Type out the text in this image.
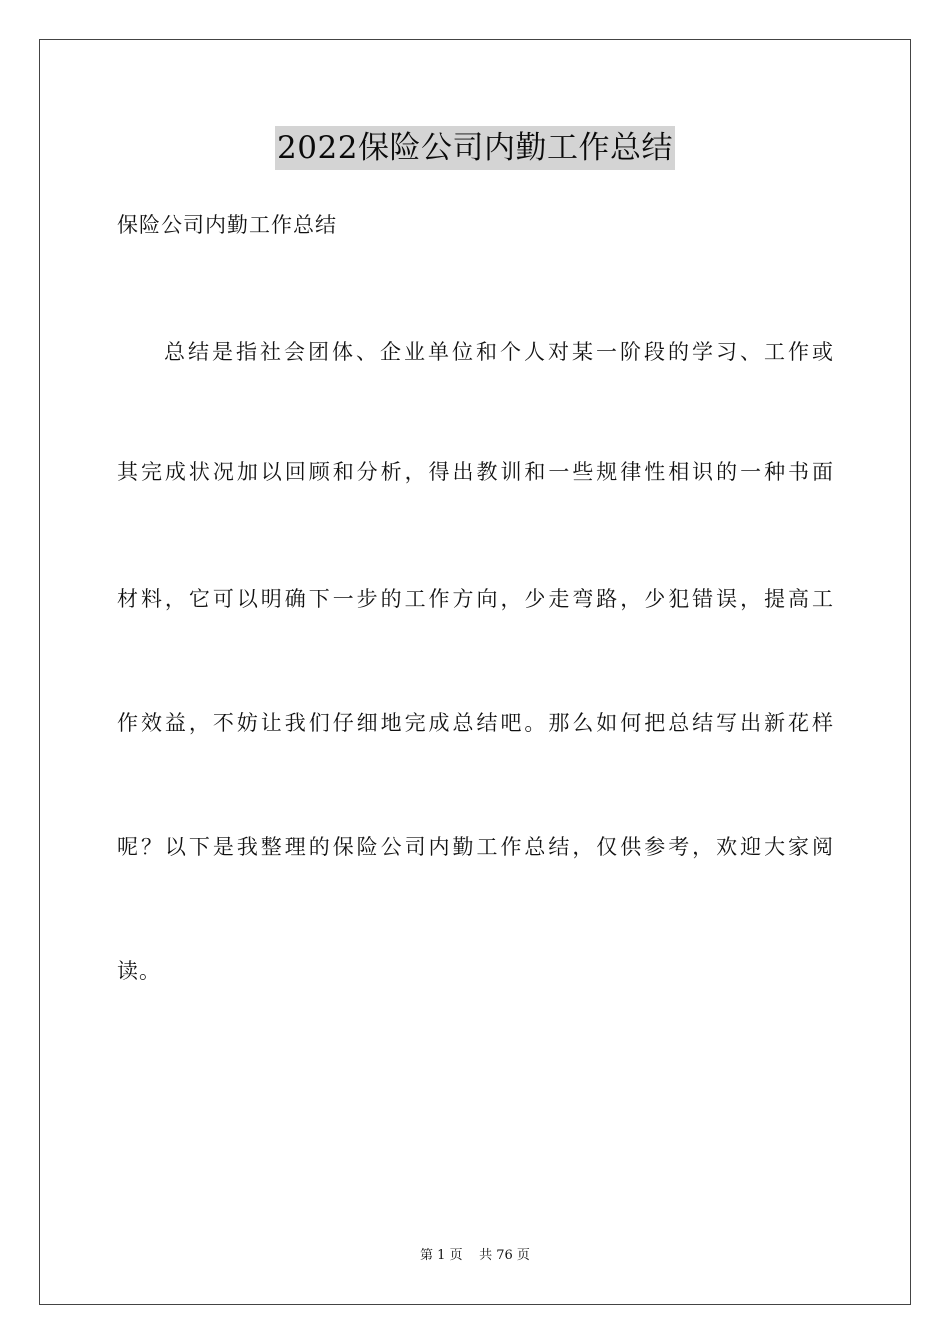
2022保险公司内勤工作总结
保险公司内勤工作总结
总结是指社会团体、企业单位和个人对某一阶段的学习、工作或
其完成状况加以回顾和分析，得出教训和一些规律性相识的一种书面
材料，它可以明确下一步的工作方向，少走弯路，少犯错误，提高工
作效益，不妨让我们仔细地完成总结吧。那么如何把总结写出新花样
呢？以下是我整理的保险公司内勤工作总结，仅供参考，欢迎大家阅
读。
第 1 页 共 76 页
